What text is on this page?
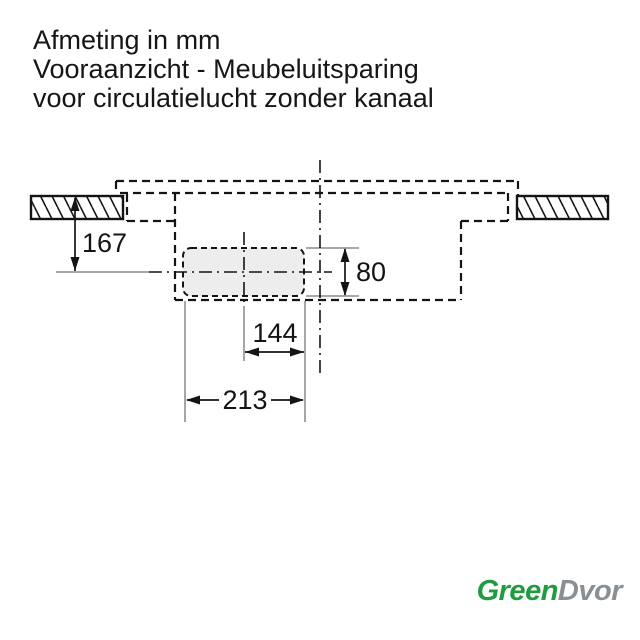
Afmeting in mm
Vooraanzicht - Meubeluitsparing
voor circulatielucht zonder kanaal
167
80
144
213
GreenDvor
